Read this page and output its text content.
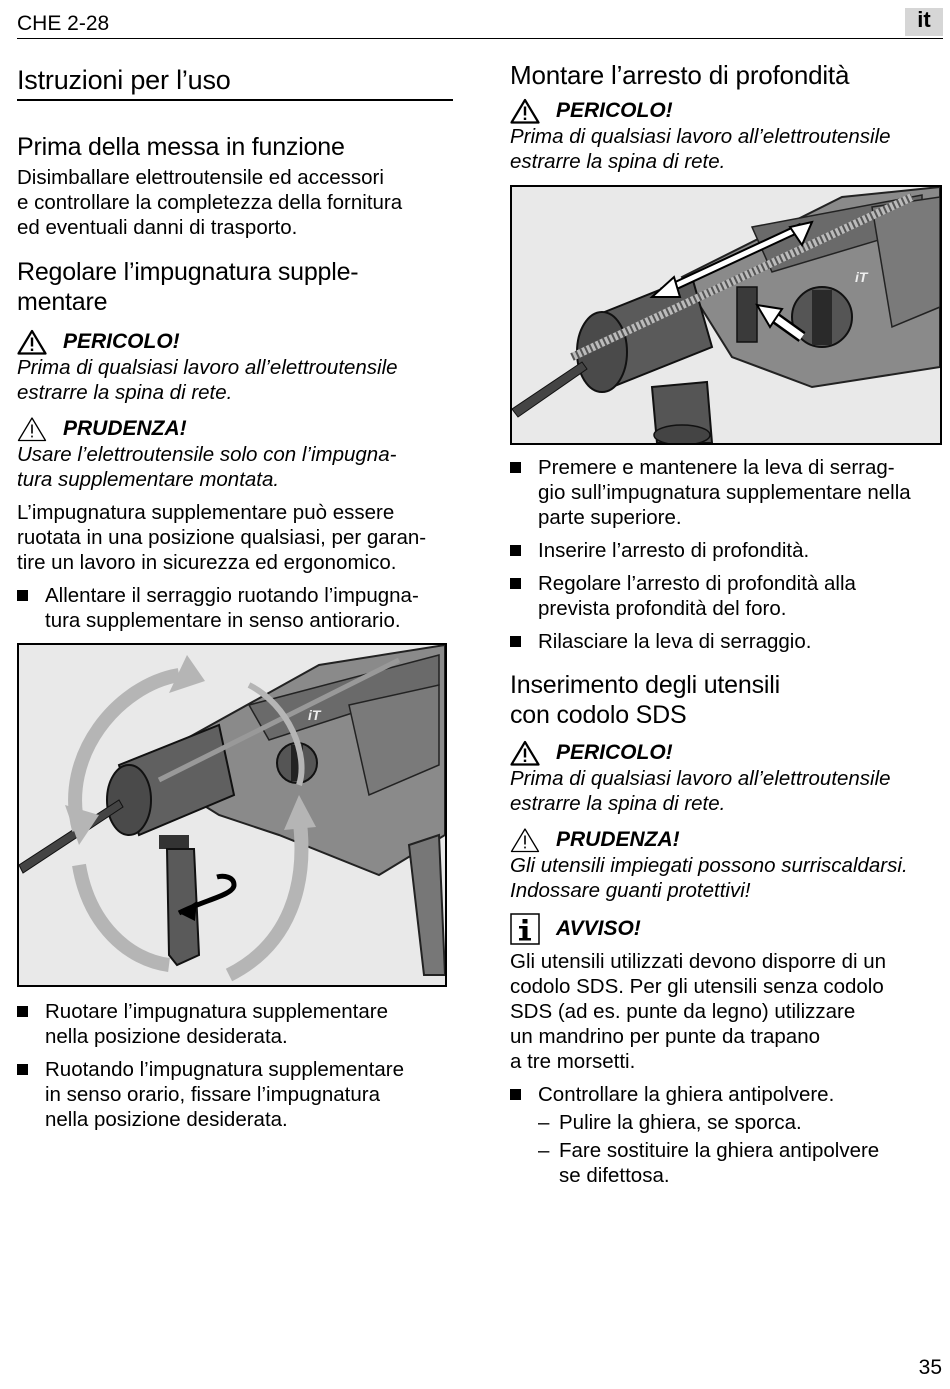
CHE 2-28	it
Istruzioni per l’uso
Prima della messa in funzione

Disimballare elettroutensile ed accessori

e controllare la completezza della fornitura

ed eventuali danni di trasporto.

Regolare l’impugnatura supple-
mentare
PERICOLO!

Prima di qualsiasi lavoro all’elettroutensile

estrarre la spina di rete.

PRUDENZA!

Usare l’elettroutensile solo con l’impugna-

tura supplementare montata.

L’impugnatura supplementare può essere

ruotata in una posizione qualsiasi, per garan-

tire un lavoro in sicurezza ed ergonomico.

Allentare il serraggio ruotando l’impugna-
tura supplementare in senso antiorario.
iT
Ruotare l’impugnatura supplementare
nella posizione desiderata.
Ruotando l’impugnatura supplementare
in senso orario, fissare l’impugnatura
nella posizione desiderata.
Montare l’arresto di profondità
PERICOLO!

Prima di qualsiasi lavoro all’elettroutensile

estrarre la spina di rete.

iT
Premere e mantenere la leva di serrag-
gio sull’impugnatura supplementare nella
parte superiore.
Inserire l’arresto di profondità.
Regolare l’arresto di profondità alla
prevista profondità del foro.
Rilasciare la leva di serraggio.
Inserimento degli utensili
con codolo SDS
PERICOLO!

Prima di qualsiasi lavoro all’elettroutensile

estrarre la spina di rete.

PRUDENZA!

Gli utensili impiegati possono surriscaldarsi.

Indossare guanti protettivi!

AVVISO!

Gli utensili utilizzati devono disporre di un

codolo SDS. Per gli utensili senza codolo

SDS (ad es. punte da legno) utilizzare

un mandrino per punte da trapano

a tre morsetti.

Controllare la ghiera antipolvere.
– Pulire la ghiera, se sporca.
– Fare sostituire la ghiera antipolvere
se difettosa.
35
